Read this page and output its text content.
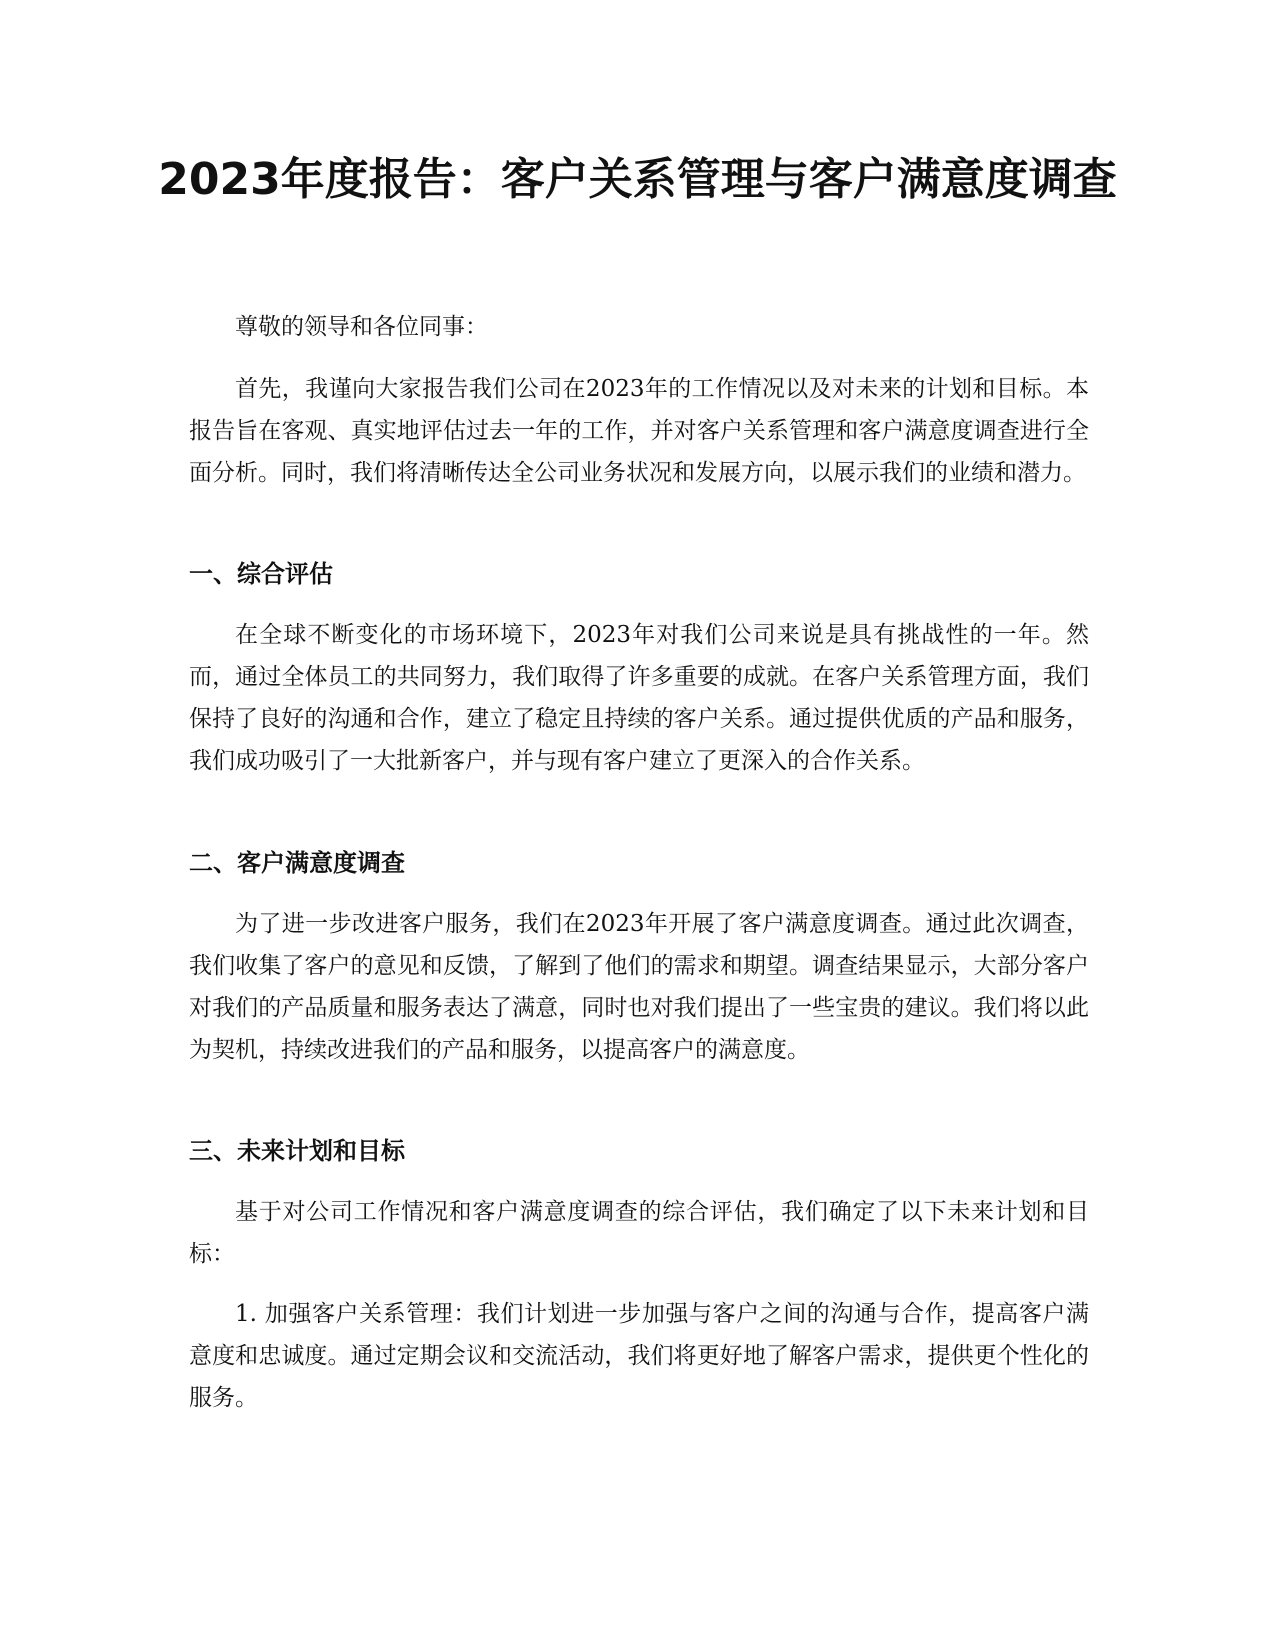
2023年度报告：客户关系管理与客户满意度调查

尊敬的领导和各位同事：

首先，我谨向大家报告我们公司在2023年的工作情况以及对未来的计划和目标。本报告旨在客观、真实地评估过去一年的工作，并对客户关系管理和客户满意度调查进行全面分析。同时，我们将清晰传达全公司业务状况和发展方向，以展示我们的业绩和潜力。

一、综合评估

在全球不断变化的市场环境下，2023年对我们公司来说是具有挑战性的一年。然而，通过全体员工的共同努力，我们取得了许多重要的成就。在客户关系管理方面，我们保持了良好的沟通和合作，建立了稳定且持续的客户关系。通过提供优质的产品和服务，我们成功吸引了一大批新客户，并与现有客户建立了更深入的合作关系。

二、客户满意度调查

为了进一步改进客户服务，我们在2023年开展了客户满意度调查。通过此次调查，我们收集了客户的意见和反馈，了解到了他们的需求和期望。调查结果显示，大部分客户对我们的产品质量和服务表达了满意，同时也对我们提出了一些宝贵的建议。我们将以此为契机，持续改进我们的产品和服务，以提高客户的满意度。

三、未来计划和目标

基于对公司工作情况和客户满意度调查的综合评估，我们确定了以下未来计划和目标：

1. 加强客户关系管理：我们计划进一步加强与客户之间的沟通与合作，提高客户满意度和忠诚度。通过定期会议和交流活动，我们将更好地了解客户需求，提供更个性化的服务。
